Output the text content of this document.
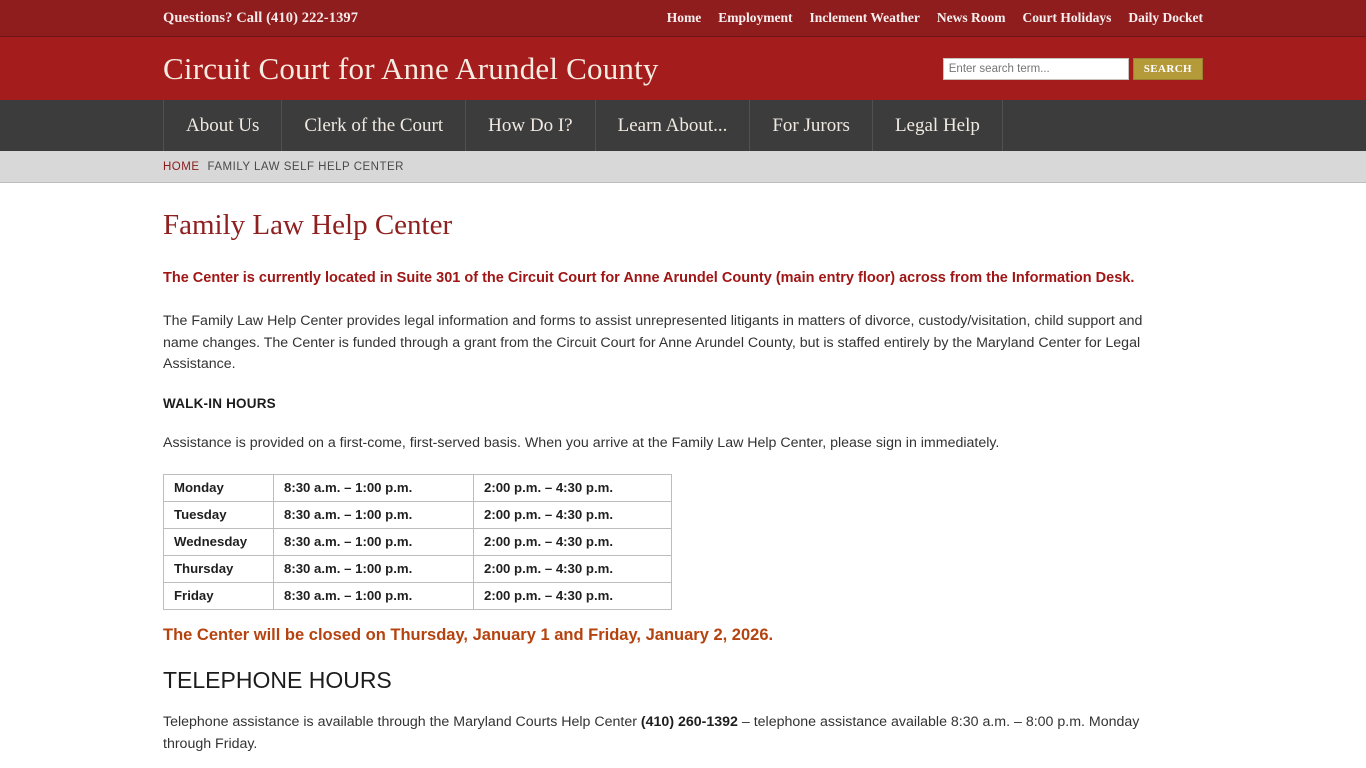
Questions? Call (410) 222-1397	Home Employment Inclement Weather News Room Court Holidays Daily Docket
Circuit Court for Anne Arundel County
Enter search term...	SEARCH
About Us	Clerk of the Court	How Do I?	Learn About...	For Jurors	Legal Help
HOME FAMILY LAW SELF HELP CENTER
Family Law Help Center

The Center is currently located in Suite 301 of the Circuit Court for Anne Arundel County (main entry floor) across from the Information Desk.

The Family Law Help Center provides legal information and forms to assist unrepresented litigants in matters of divorce, custody/visitation, child support and name changes. The Center is funded through a grant from the Circuit Court for Anne Arundel County, but is staffed entirely by the Maryland Center for Legal Assistance.

WALK-IN HOURS

Assistance is provided on a first-come, first-served basis. When you arrive at the Family Law Help Center, please sign in immediately.

Monday	8:30 a.m. – 1:00 p.m.	2:00 p.m. – 4:30 p.m.
Tuesday	8:30 a.m. – 1:00 p.m.	2:00 p.m. – 4:30 p.m.
Wednesday	8:30 a.m. – 1:00 p.m.	2:00 p.m. – 4:30 p.m.
Thursday	8:30 a.m. – 1:00 p.m.	2:00 p.m. – 4:30 p.m.
Friday	8:30 a.m. – 1:00 p.m.	2:00 p.m. – 4:30 p.m.

The Center will be closed on Thursday, January 1 and Friday, January 2, 2026.

TELEPHONE HOURS

Telephone assistance is available through the Maryland Courts Help Center (410) 260-1392 – telephone assistance available 8:30 a.m. – 8:00 p.m. Monday through Friday.
